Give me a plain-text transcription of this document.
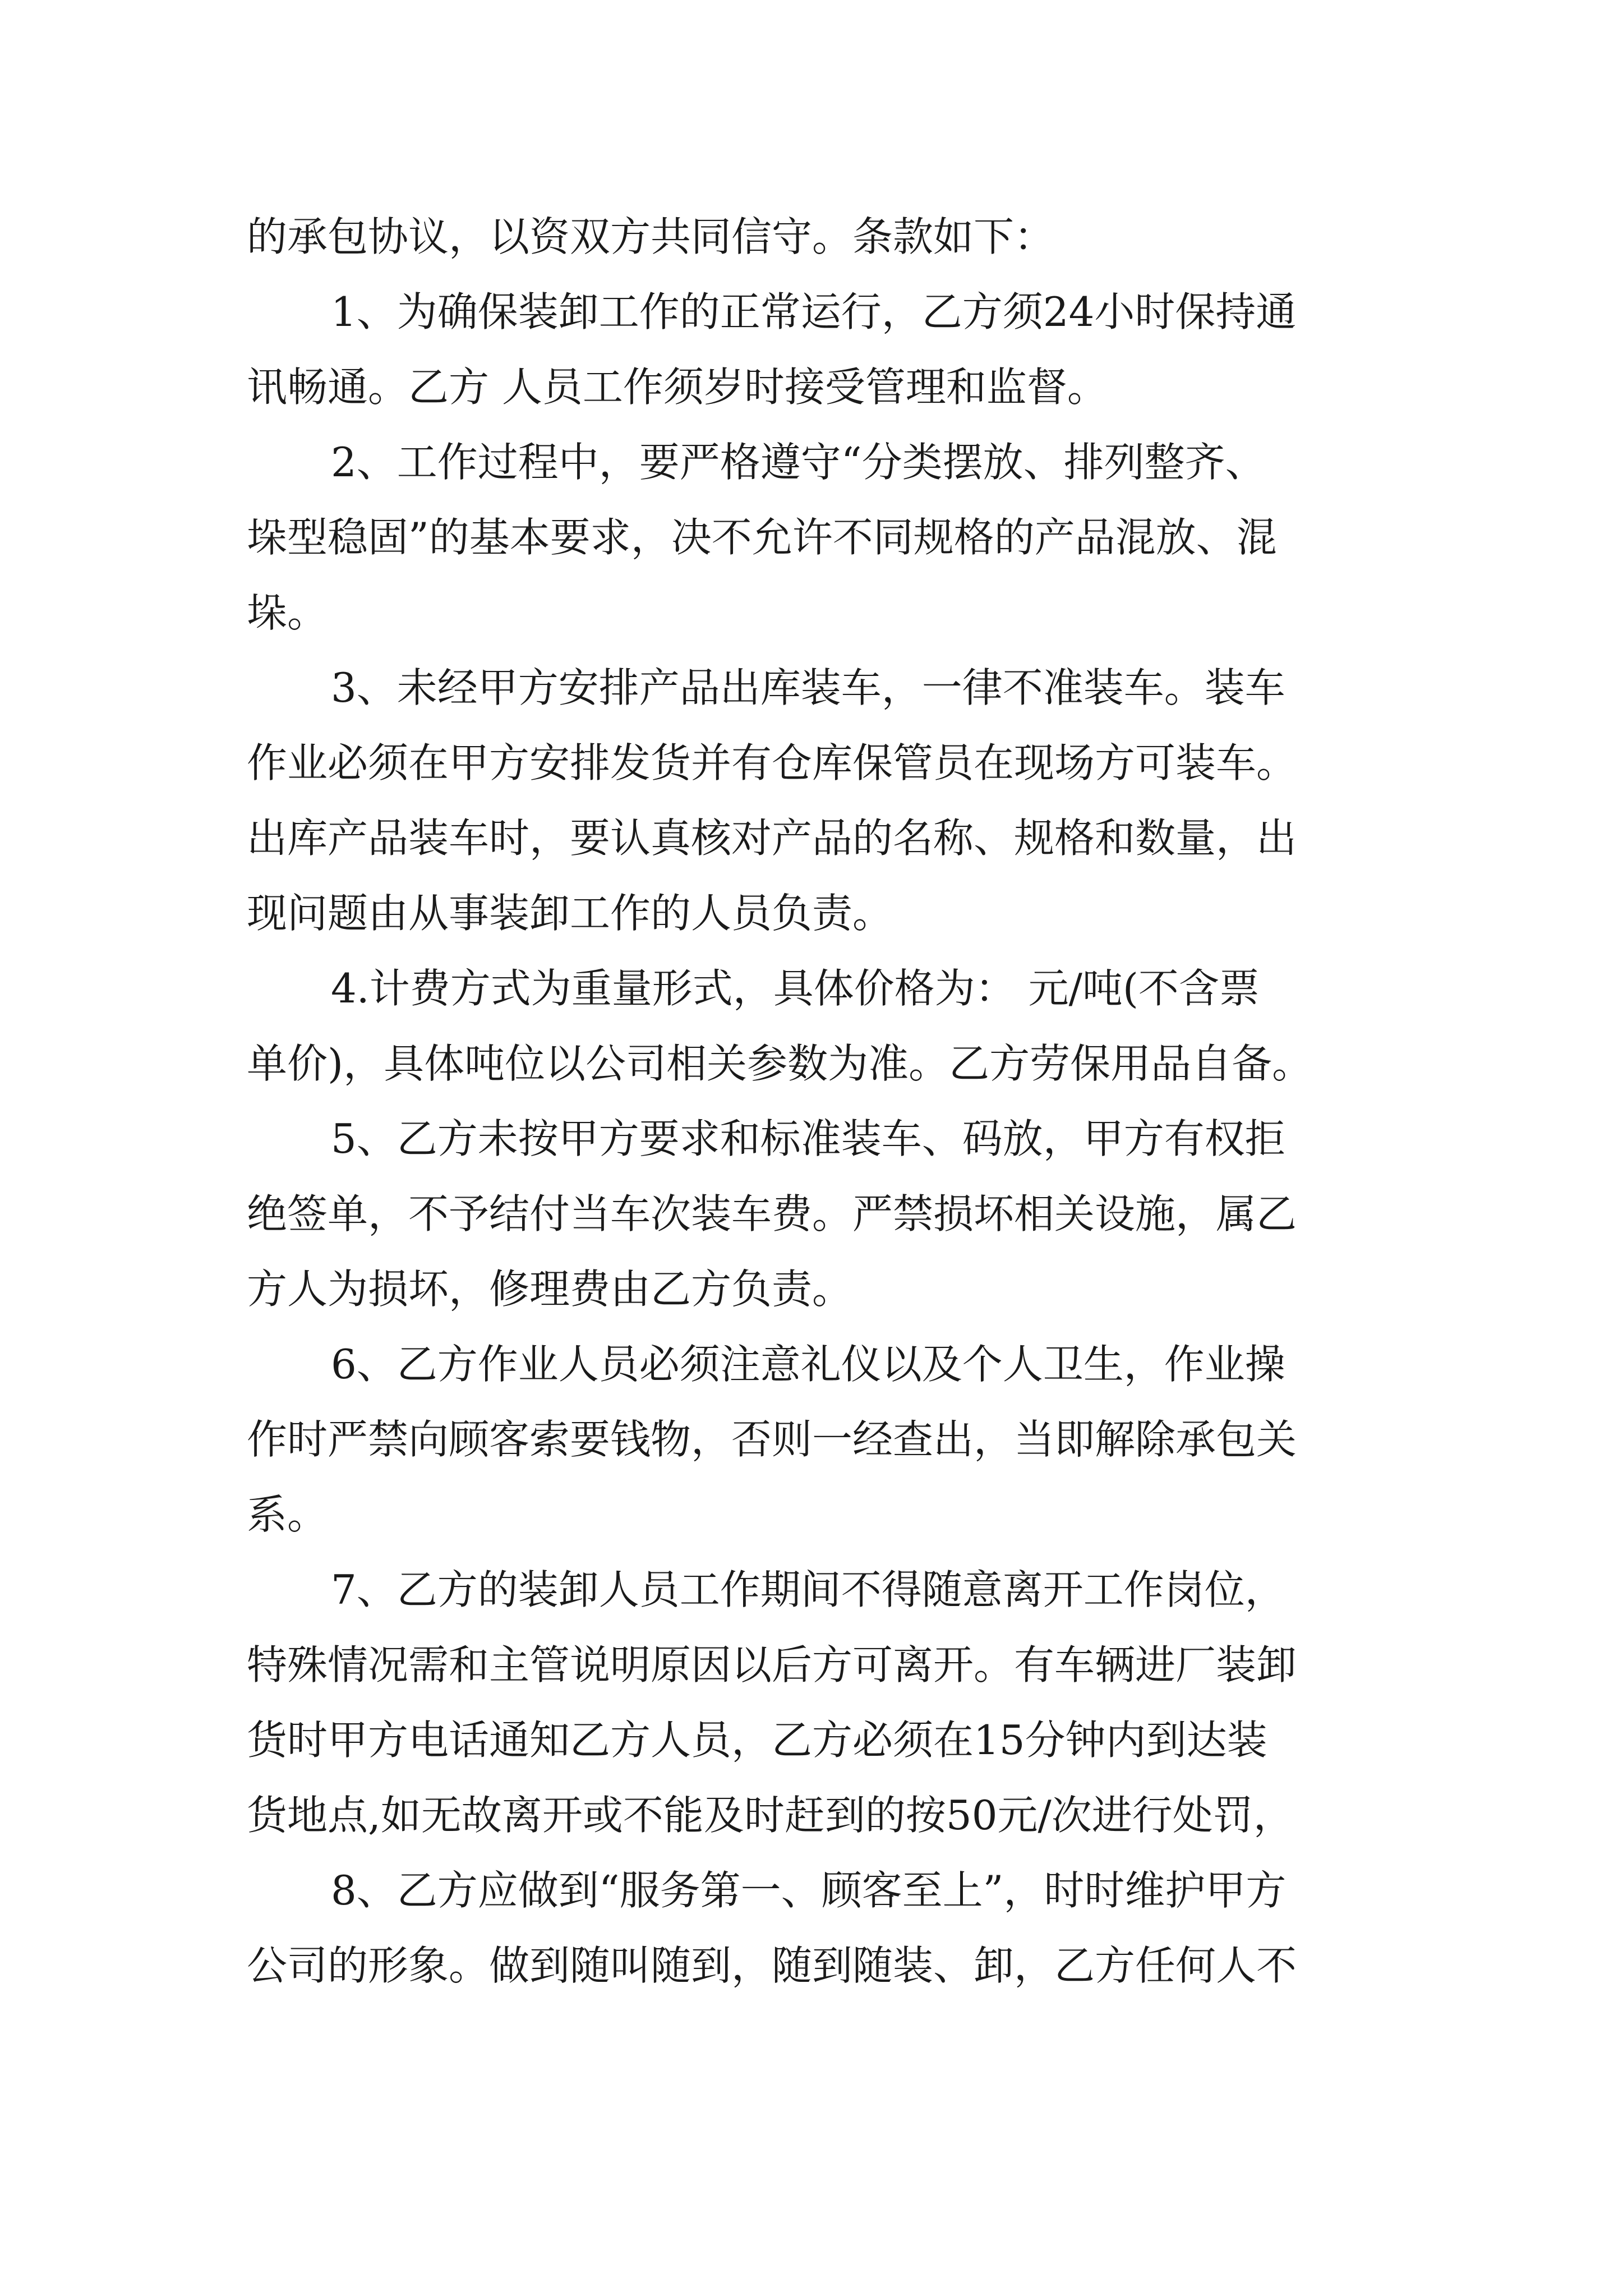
的承包协议，以资双方共同信守。条款如下：
1、为确保装卸工作的正常运行，乙方须24小时保持通
讯畅通。乙方 人员工作须岁时接受管理和监督。
2、工作过程中，要严格遵守“分类摆放、排列整齐、
垛型稳固”的基本要求，决不允许不同规格的产品混放、混
垛。
3、未经甲方安排产品出库装车，一律不准装车。装车
作业必须在甲方安排发货并有仓库保管员在现场方可装车。
出库产品装车时，要认真核对产品的名称、规格和数量，出
现问题由从事装卸工作的人员负责。
4.计费方式为重量形式，具体价格为： 元/吨(不含票
单价)，具体吨位以公司相关参数为准。乙方劳保用品自备。
5、乙方未按甲方要求和标准装车、码放，甲方有权拒
绝签单，不予结付当车次装车费。严禁损坏相关设施，属乙
方人为损坏，修理费由乙方负责。
6、乙方作业人员必须注意礼仪以及个人卫生，作业操
作时严禁向顾客索要钱物，否则一经查出，当即解除承包关
系。
7、乙方的装卸人员工作期间不得随意离开工作岗位，
特殊情况需和主管说明原因以后方可离开。有车辆进厂装卸
货时甲方电话通知乙方人员，乙方必须在15分钟内到达装
货地点,如无故离开或不能及时赶到的按50元/次进行处罚，
8、乙方应做到“服务第一、顾客至上”，时时维护甲方
公司的形象。做到随叫随到，随到随装、卸，乙方任何人不
